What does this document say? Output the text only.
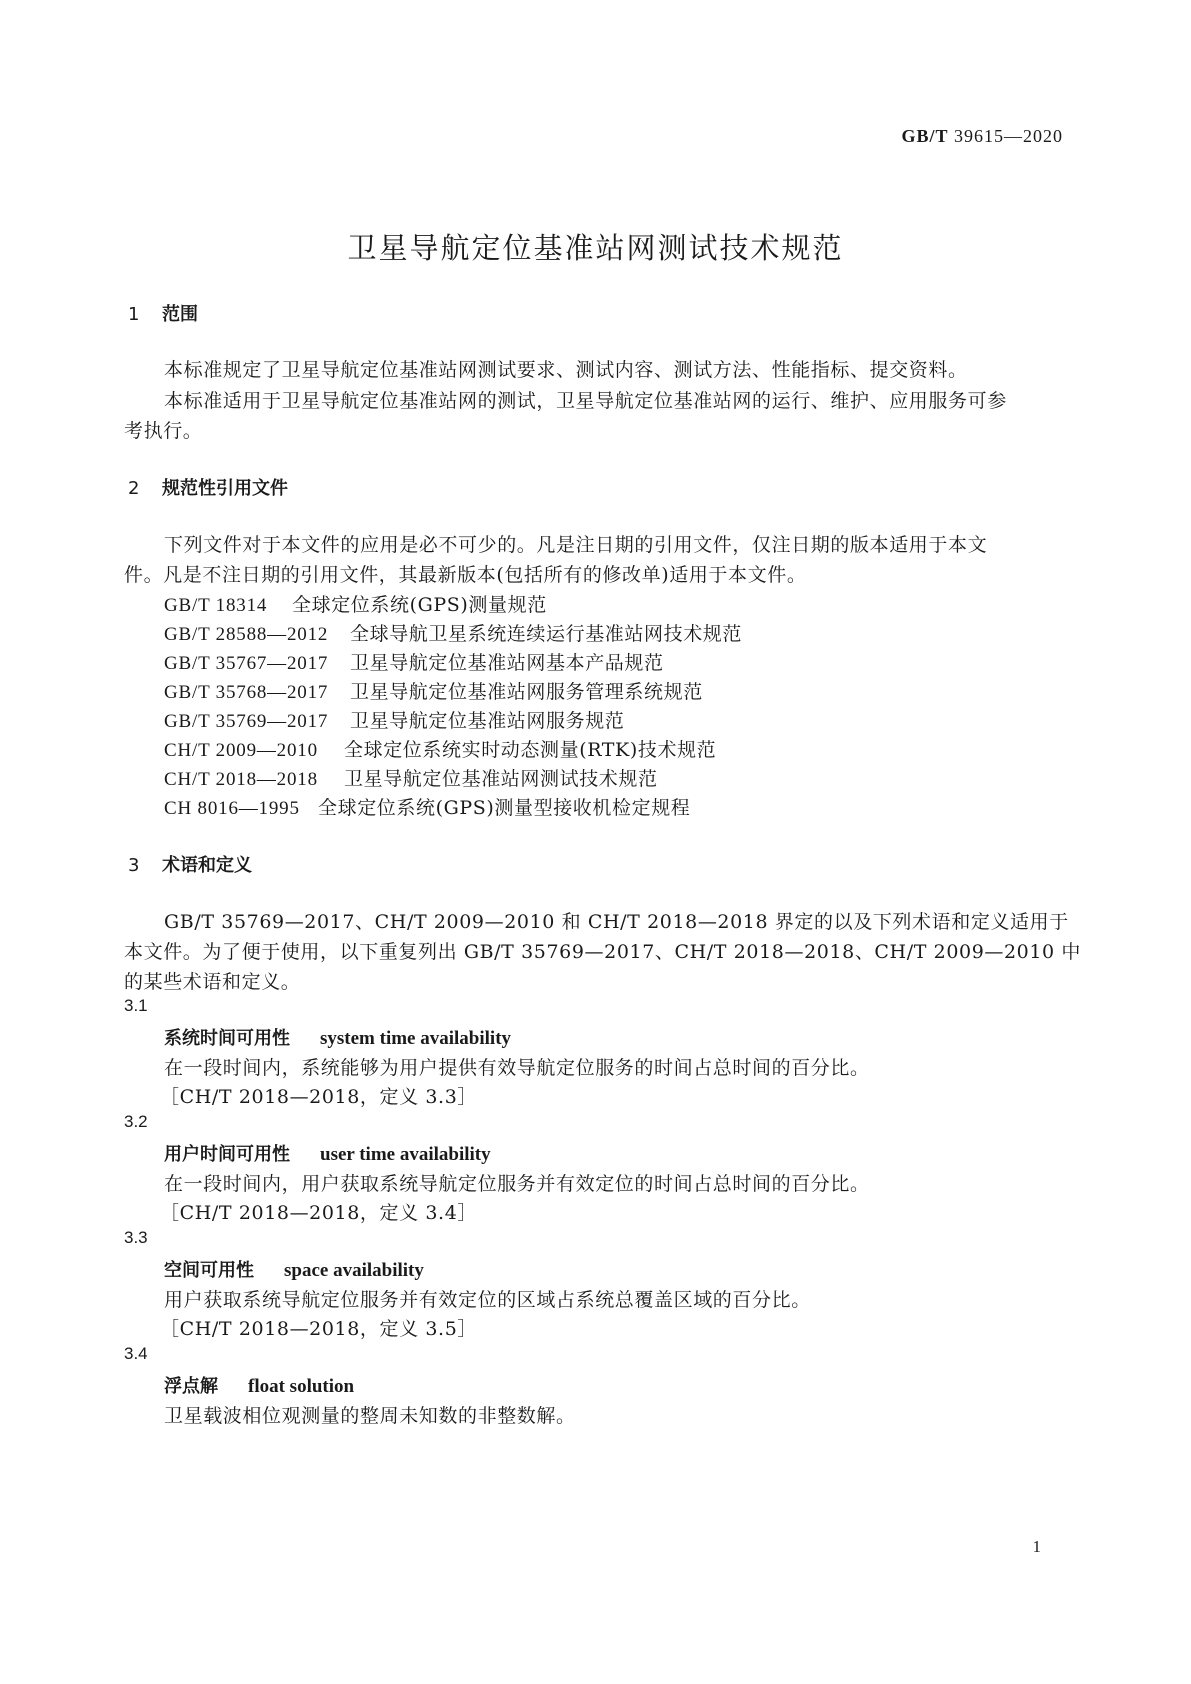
GB/T 39615—2020
卫星导航定位基准站网测试技术规范
1 范围
本标准规定了卫星导航定位基准站网测试要求、测试内容、测试方法、性能指标、提交资料。
本标准适用于卫星导航定位基准站网的测试，卫星导航定位基准站网的运行、维护、应用服务可参
考执行。
2 规范性引用文件
下列文件对于本文件的应用是必不可少的。凡是注日期的引用文件，仅注日期的版本适用于本文
件。凡是不注日期的引用文件，其最新版本(包括所有的修改单)适用于本文件。
GB/T 18314 全球定位系统(GPS)测量规范
GB/T 28588—2012 全球导航卫星系统连续运行基准站网技术规范
GB/T 35767—2017 卫星导航定位基准站网基本产品规范
GB/T 35768—2017 卫星导航定位基准站网服务管理系统规范
GB/T 35769—2017 卫星导航定位基准站网服务规范
CH/T 2009—2010 全球定位系统实时动态测量(RTK)技术规范
CH/T 2018—2018 卫星导航定位基准站网测试技术规范
CH 8016—1995 全球定位系统(GPS)测量型接收机检定规程
3 术语和定义
GB/T 35769—2017、CH/T 2009—2010 和 CH/T 2018—2018 界定的以及下列术语和定义适用于
本文件。为了便于使用，以下重复列出 GB/T 35769—2017、CH/T 2018—2018、CH/T 2009—2010 中
的某些术语和定义。
3.1
系统时间可用性 system time availability
在一段时间内，系统能够为用户提供有效导航定位服务的时间占总时间的百分比。
［CH/T 2018—2018，定义 3.3］
3.2
用户时间可用性 user time availability
在一段时间内，用户获取系统导航定位服务并有效定位的时间占总时间的百分比。
［CH/T 2018—2018，定义 3.4］
3.3
空间可用性 space availability
用户获取系统导航定位服务并有效定位的区域占系统总覆盖区域的百分比。
［CH/T 2018—2018，定义 3.5］
3.4
浮点解 float solution
卫星载波相位观测量的整周未知数的非整数解。
1
